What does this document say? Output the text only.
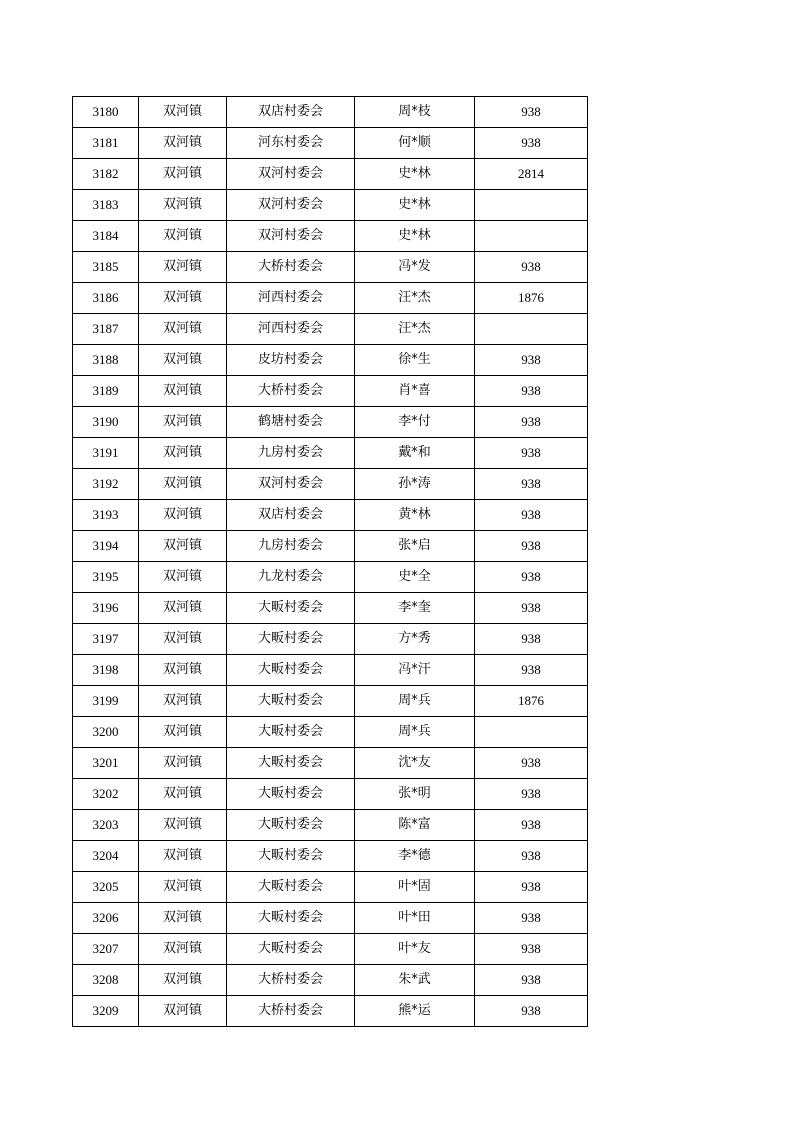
3180	双河镇	双店村委会	周*枝	938
3181	双河镇	河东村委会	何*顺	938
3182	双河镇	双河村委会	史*林	2814
3183	双河镇	双河村委会	史*林	
3184	双河镇	双河村委会	史*林	
3185	双河镇	大桥村委会	冯*发	938
3186	双河镇	河西村委会	汪*杰	1876
3187	双河镇	河西村委会	汪*杰	
3188	双河镇	皮坊村委会	徐*生	938
3189	双河镇	大桥村委会	肖*喜	938
3190	双河镇	鹤塘村委会	李*付	938
3191	双河镇	九房村委会	戴*和	938
3192	双河镇	双河村委会	孙*涛	938
3193	双河镇	双店村委会	黄*林	938
3194	双河镇	九房村委会	张*启	938
3195	双河镇	九龙村委会	史*全	938
3196	双河镇	大畈村委会	李*奎	938
3197	双河镇	大畈村委会	方*秀	938
3198	双河镇	大畈村委会	冯*汗	938
3199	双河镇	大畈村委会	周*兵	1876
3200	双河镇	大畈村委会	周*兵	
3201	双河镇	大畈村委会	沈*友	938
3202	双河镇	大畈村委会	张*明	938
3203	双河镇	大畈村委会	陈*富	938
3204	双河镇	大畈村委会	李*德	938
3205	双河镇	大畈村委会	叶*固	938
3206	双河镇	大畈村委会	叶*田	938
3207	双河镇	大畈村委会	叶*友	938
3208	双河镇	大桥村委会	朱*武	938
3209	双河镇	大桥村委会	熊*运	938
